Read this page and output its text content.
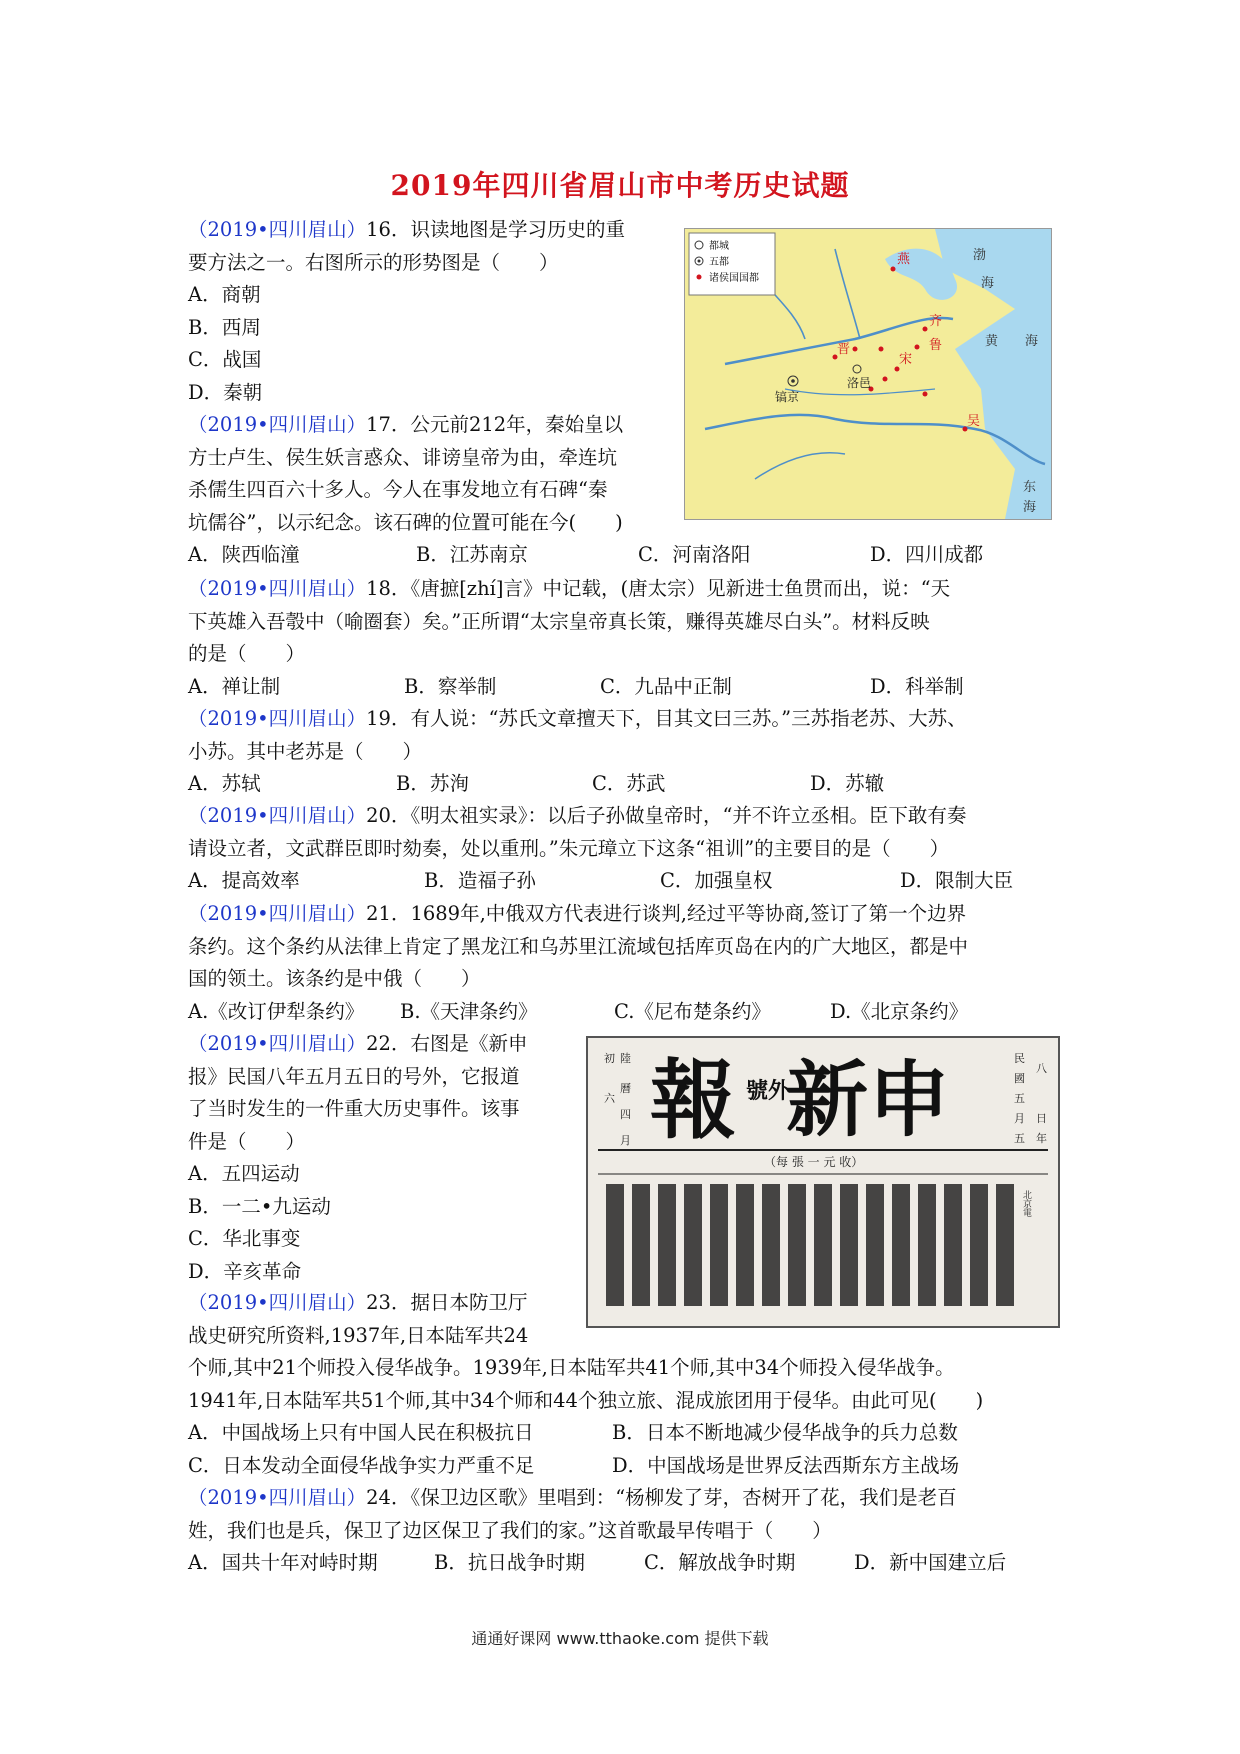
2019年四川省眉山市中考历史试题
（2019•四川眉山）16．识读地图是学习历史的重
要方法之一。右图所示的形势图是（　　）
A．商朝
B．西周
C．战国
D．秦朝
都城
五都
诸侯国国都
燕
齐
鲁
晋
宋
吴
镐京
洛邑
渤
海
黄 海
东
海
（2019•四川眉山）17．公元前212年，秦始皇以
方士卢生、侯生妖言惑众、诽谤皇帝为由，牵连坑
杀儒生四百六十多人。今人在事发地立有石碑“秦
坑儒谷”，以示纪念。该石碑的位置可能在今(　　)
A．陕西临潼	B．江苏南京	C．河南洛阳	D．四川成都
（2019•四川眉山）18．《唐摭[zhí]言》中记载，(唐太宗）见新进士鱼贯而出，说：“天
下英雄入吾彀中（喻圈套）矣。”正所谓“太宗皇帝真长策，赚得英雄尽白头”。材料反映
的是（　　）
A．禅让制	B．察举制	C．九品中正制	D．科举制
（2019•四川眉山）19．有人说：“苏氏文章擅天下，目其文曰三苏。”三苏指老苏、大苏、
小苏。其中老苏是（　　）
A．苏轼	B．苏洵	C．苏武	D．苏辙
（2019•四川眉山）20．《明太祖实录》：以后子孙做皇帝时，“并不许立丞相。臣下敢有奏
请设立者，文武群臣即时劾奏，处以重刑。”朱元璋立下这条“祖训”的主要目的是（　　）
A．提高效率	B．造福子孙	C．加强皇权	D．限制大臣
（2019•四川眉山）21．1689年,中俄双方代表进行谈判,经过平等协商,签订了第一个边界
条约。这个条约从法律上肯定了黑龙江和乌苏里江流域包括库页岛在内的广大地区，都是中
国的领土。该条约是中俄（　　）
A.《改订伊犁条约》	B.《天津条约》	C.《尼布楚条约》	D.《北京条约》
（2019•四川眉山）22．右图是《新申
报》民国八年五月五日的号外，它报道
了当时发生的一件重大历史事件。该事
件是（　　）
A．五四运动
B．一二•九运动
C．华北事变
D．辛亥革命
初 陸
六
曆
四
月
民
國
八
五
月
五
日
年
報 號外
新申
（每 張 一 元 收）
北京電
（2019•四川眉山）23．据日本防卫厅
战史研究所资料,1937年,日本陆军共24
个师,其中21个师投入侵华战争。1939年,日本陆军共41个师,其中34个师投入侵华战争。
1941年,日本陆军共51个师,其中34个师和44个独立旅、混成旅团用于侵华。由此可见(　　)
A．中国战场上只有中国人民在积极抗日	B．日本不断地减少侵华战争的兵力总数
C．日本发动全面侵华战争实力严重不足	D．中国战场是世界反法西斯东方主战场
（2019•四川眉山）24．《保卫边区歌》里唱到：“杨柳发了芽，杏树开了花，我们是老百
姓，我们也是兵，保卫了边区保卫了我们的家。”这首歌最早传唱于（　　）
A．国共十年对峙时期	B．抗日战争时期	C．解放战争时期	D．新中国建立后
通通好课网 www.tthaoke.com 提供下载
